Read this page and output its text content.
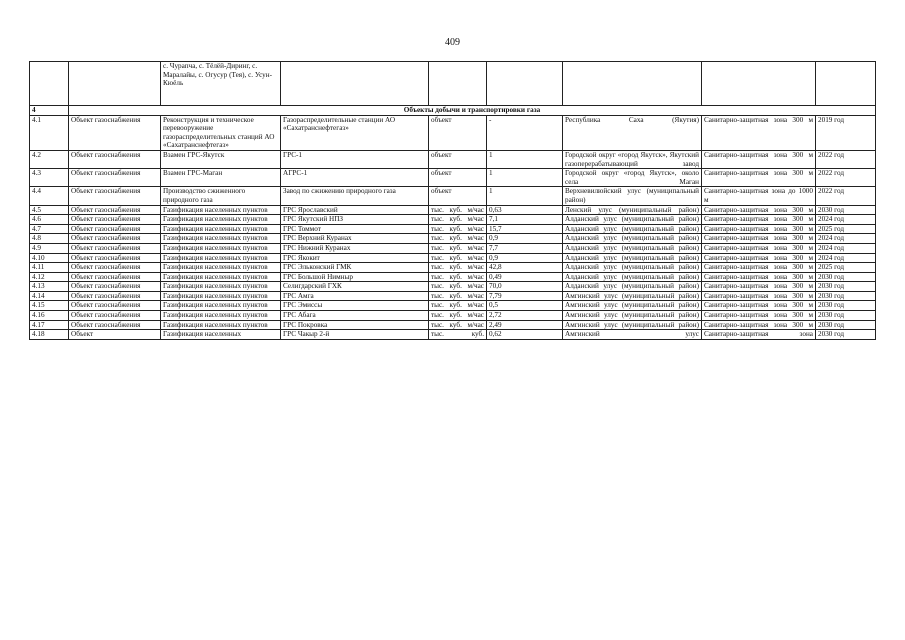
409
		с. Чурапча, с. Тёлёй-Диринг, с. Маралайы, с. Огусур (Тея), с. Усун-Кюёль						
4	Объекты добычи и транспортировки газа							
4.1	Объект газоснабжения	Реконструкция и техническое перевооружение газораспределительных станций АО «Сахатранснефтегаз»	Газораспределительные станции АО «Сахатранснефтегаз»	объект	-	Республика Саха (Якутия)	Санитарно-защитная зона 300 м	2019 год
4.2	Объект газоснабжения	Взамен ГРС-Якутск	ГРС-1	объект	1	Городской округ «город Якутск», Якутский газоперерабатывающий завод	Санитарно-защитная зона 300 м	2022 год
4.3	Объект газоснабжения	Взамен ГРС-Маган	АГРС-1	объект	1	Городской округ «город Якутск», около села Маган	Санитарно-защитная зона 300 м	2022 год
4.4	Объект газоснабжения	Производство сжиженного природного газа	Завод по сжижению природного газа	объект	1	Верхневилюйский улус (муниципальный район)	Санитарно-защитная зона до 1000 м	2022 год
4.5	Объект газоснабжения	Газификация населенных пунктов	ГРС Ярославский	тыс. куб. м/час	0,63	Ленский улус (муниципальный район)	Санитарно-защитная зона 300 м	2030 год
4.6	Объект газоснабжения	Газификация населенных пунктов	ГРС Якутский НПЗ	тыс. куб. м/час	7,1	Алданский улус (муниципальный район)	Санитарно-защитная зона 300 м	2024 год
4.7	Объект газоснабжения	Газификация населенных пунктов	ГРС Томмот	тыс. куб. м/час	15,7	Алданский улус (муниципальный район)	Санитарно-защитная зона 300 м	2025 год
4.8	Объект газоснабжения	Газификация населенных пунктов	ГРС Верхний Куранах	тыс. куб. м/час	0,9	Алданский улус (муниципальный район)	Санитарно-защитная зона 300 м	2024 год
4.9	Объект газоснабжения	Газификация населенных пунктов	ГРС Нижний Куранах	тыс. куб. м/час	7,7	Алданский улус (муниципальный район)	Санитарно-защитная зона 300 м	2024 год
4.10	Объект газоснабжения	Газификация населенных пунктов	ГРС Якокит	тыс. куб. м/час	0,9	Алданский улус (муниципальный район)	Санитарно-защитная зона 300 м	2024 год
4.11	Объект газоснабжения	Газификация населенных пунктов	ГРС Эльконский ГМК	тыс. куб. м/час	42,8	Алданский улус (муниципальный район)	Санитарно-защитная зона 300 м	2025 год
4.12	Объект газоснабжения	Газификация населенных пунктов	ГРС Большой Нимныр	тыс. куб. м/час	0,49	Алданский улус (муниципальный район)	Санитарно-защитная зона 300 м	2030 год
4.13	Объект газоснабжения	Газификация населенных пунктов	Селигдарский ГХК	тыс. куб. м/час	70,0	Алданский улус (муниципальный район)	Санитарно-защитная зона 300 м	2030 год
4.14	Объект газоснабжения	Газификация населенных пунктов	ГРС Амга	тыс. куб. м/час	7,79	Амгинский улус (муниципальный район)	Санитарно-защитная зона 300 м	2030 год
4.15	Объект газоснабжения	Газификация населенных пунктов	ГРС Эмиссы	тыс. куб. м/час	0,5	Амгинский улус (муниципальный район)	Санитарно-защитная зона 300 м	2030 год
4.16	Объект газоснабжения	Газификация населенных пунктов	ГРС Абага	тыс. куб. м/час	2,72	Амгинский улус (муниципальный район)	Санитарно-защитная зона 300 м	2030 год
4.17	Объект газоснабжения	Газификация населенных пунктов	ГРС Покровка	тыс. куб. м/час	2,49	Амгинский улус (муниципальный район)	Санитарно-защитная зона 300 м	2030 год
4.18	Объект	Газификация населенных	ГРС Чакыр 2-й	тыс. куб.	0,62	Амгинский улус	Санитарно-защитная зона	2030 год
